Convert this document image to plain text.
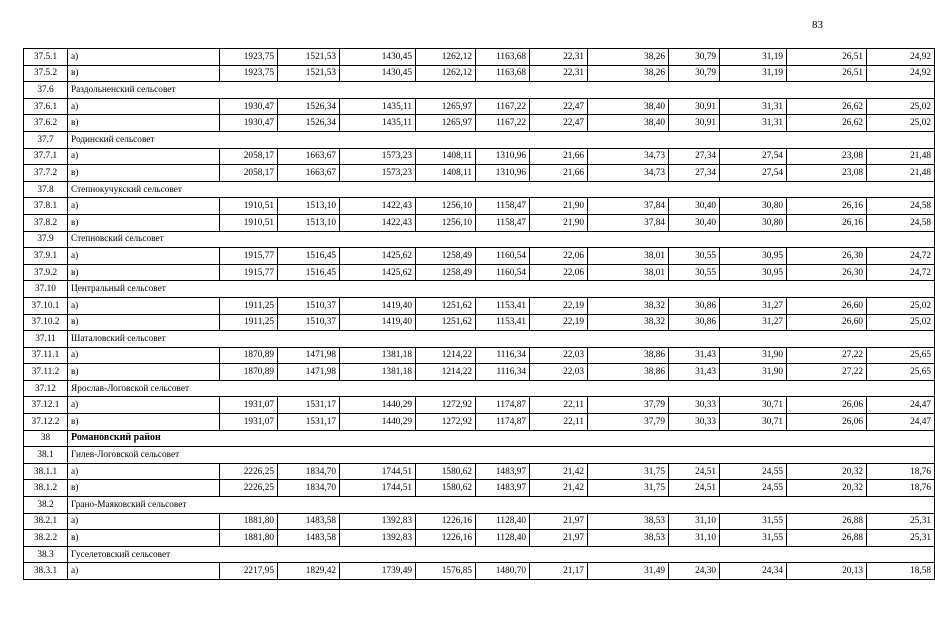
83
37.5.1	а)	1923,75	1521,53	1430,45	1262,12	1163,68	22,31	38,26	30,79	31,19	26,51	24,92
37.5.2	в)	1923,75	1521,53	1430,45	1262,12	1163,68	22,31	38,26	30,79	31,19	26,51	24,92
37.6	Раздольненский сельсовет											
37.6.1	а)	1930,47	1526,34	1435,11	1265,97	1167,22	22,47	38,40	30,91	31,31	26,62	25,02
37.6.2	в)	1930,47	1526,34	1435,11	1265,97	1167,22	22,47	38,40	30,91	31,31	26,62	25,02
37.7	Родинский сельсовет											
37.7.1	а)	2058,17	1663,67	1573,23	1408,11	1310,96	21,66	34,73	27,34	27,54	23,08	21,48
37.7.2	в)	2058,17	1663,67	1573,23	1408,11	1310,96	21,66	34,73	27,34	27,54	23,08	21,48
37.8	Степнокучукский сельсовет											
37.8.1	а)	1910,51	1513,10	1422,43	1256,10	1158,47	21,90	37,84	30,40	30,80	26,16	24,58
37.8.2	в)	1910,51	1513,10	1422,43	1256,10	1158,47	21,90	37,84	30,40	30,80	26,16	24,58
37.9	Степновский сельсовет											
37.9.1	а)	1915,77	1516,45	1425,62	1258,49	1160,54	22,06	38,01	30,55	30,95	26,30	24,72
37.9.2	в)	1915,77	1516,45	1425,62	1258,49	1160,54	22,06	38,01	30,55	30,95	26,30	24,72
37.10	Центральный сельсовет											
37.10.1	а)	1911,25	1510,37	1419,40	1251,62	1153,41	22,19	38,32	30,86	31,27	26,60	25,02
37.10.2	в)	1911,25	1510,37	1419,40	1251,62	1153,41	22,19	38,32	30,86	31,27	26,60	25,02
37.11	Шаталовский сельсовет											
37.11.1	а)	1870,89	1471,98	1381,18	1214,22	1116,34	22,03	38,86	31,43	31,90	27,22	25,65
37.11.2	в)	1870,89	1471,98	1381,18	1214,22	1116,34	22,03	38,86	31,43	31,90	27,22	25,65
37.12	Ярослав-Логовской сельсовет											
37.12.1	а)	1931,07	1531,17	1440,29	1272,92	1174,87	22,11	37,79	30,33	30,71	26,06	24,47
37.12.2	в)	1931,07	1531,17	1440,29	1272,92	1174,87	22,11	37,79	30,33	30,71	26,06	24,47
38	Романовский район											
38.1	Гилев-Логовской сельсовет											
38.1.1	а)	2226,25	1834,70	1744,51	1580,62	1483,97	21,42	31,75	24,51	24,55	20,32	18,76
38.1.2	в)	2226,25	1834,70	1744,51	1580,62	1483,97	21,42	31,75	24,51	24,55	20,32	18,76
38.2	Грано-Маяковский сельсовет											
38.2.1	а)	1881,80	1483,58	1392,83	1226,16	1128,40	21,97	38,53	31,10	31,55	26,88	25,31
38.2.2	в)	1881,80	1483,58	1392,83	1226,16	1128,40	21,97	38,53	31,10	31,55	26,88	25,31
38.3	Гуселетовский сельсовет											
38.3.1	а)	2217,95	1829,42	1739,49	1576,85	1480,70	21,17	31,49	24,30	24,34	20,13	18,58
